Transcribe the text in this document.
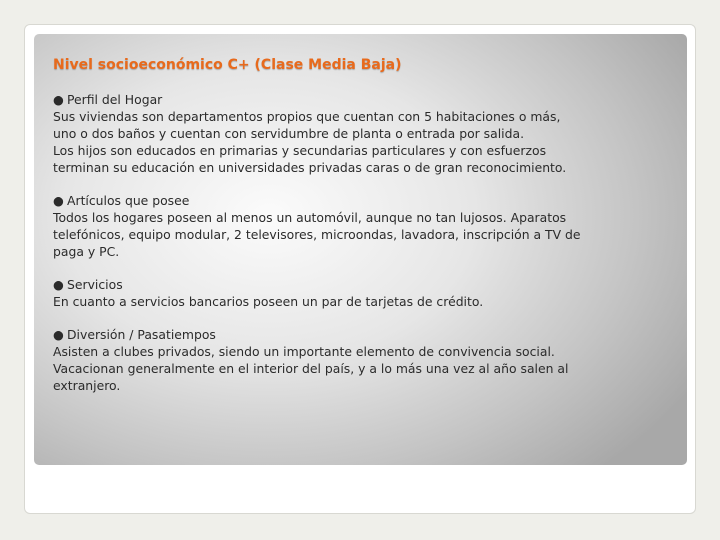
Nivel socioeconómico C+ (Clase Media Baja)
● Perfil del Hogar
Sus viviendas son departamentos propios que cuentan con 5 habitaciones o más,
uno o dos baños y cuentan con servidumbre de planta o entrada por salida.
Los hijos son educados en primarias y secundarias particulares y con esfuerzos
terminan su educación en universidades privadas caras o de gran reconocimiento.
● Artículos que posee
Todos los hogares poseen al menos un automóvil, aunque no tan lujosos. Aparatos
telefónicos, equipo modular, 2 televisores, microondas, lavadora, inscripción a TV de
paga y PC.
● Servicios
En cuanto a servicios bancarios poseen un par de tarjetas de crédito.
● Diversión / Pasatiempos
Asisten a clubes privados, siendo un importante elemento de convivencia social.
Vacacionan generalmente en el interior del país, y a lo más una vez al año salen al
extranjero.
